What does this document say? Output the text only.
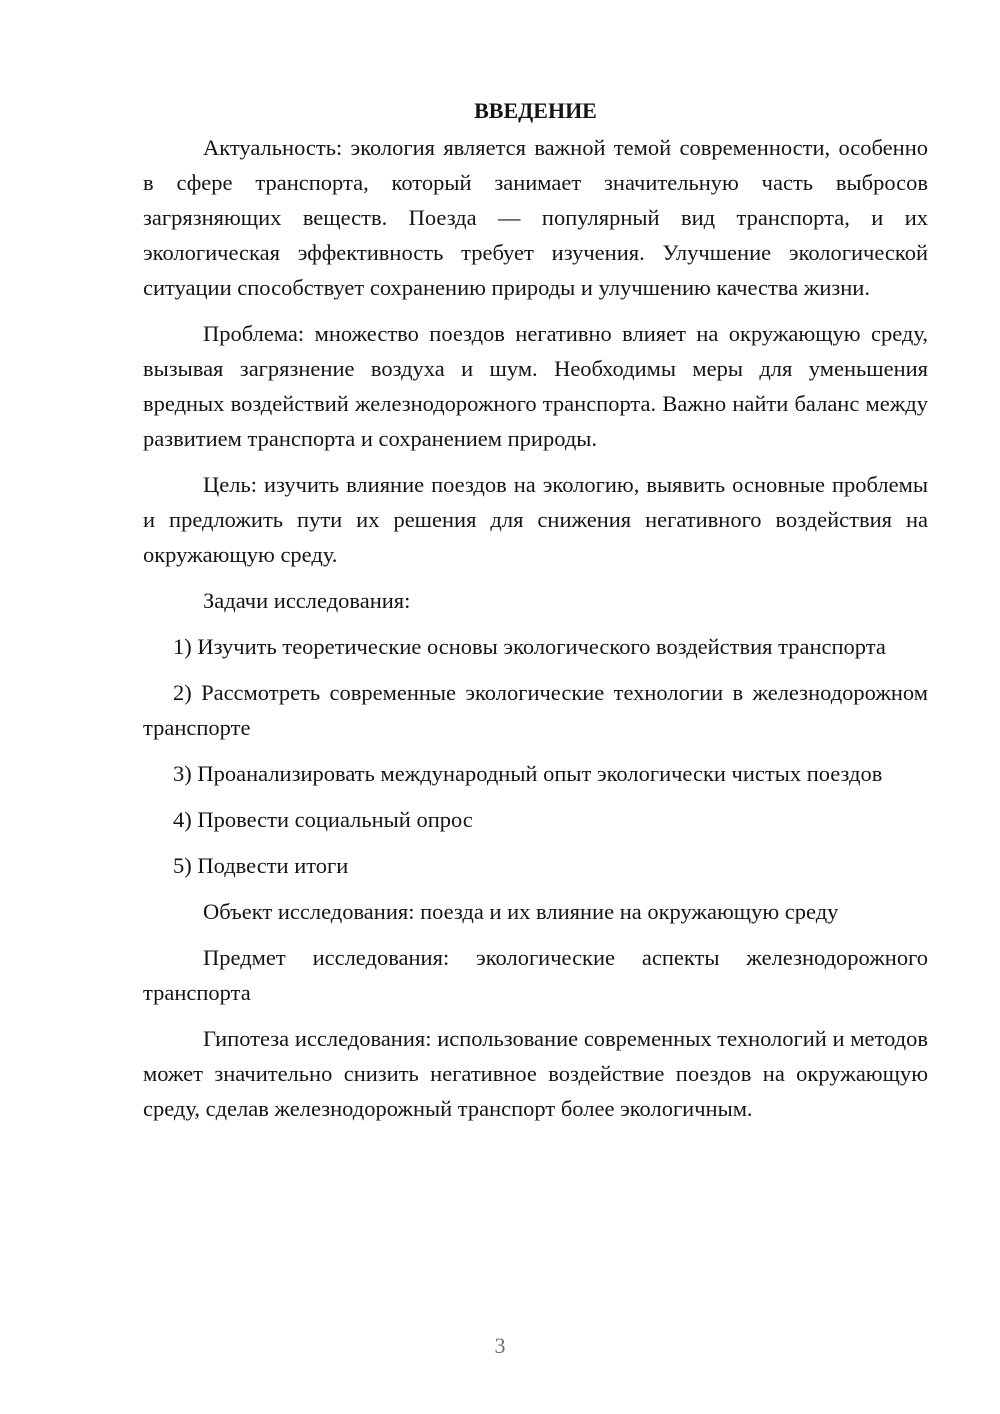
ВВЕДЕНИЕ

Актуальность: экология является важной темой современности, особенно в сфере транспорта, который занимает значительную часть выбросов загрязняющих веществ. Поезда — популярный вид транспорта, и их экологическая эффективность требует изучения. Улучшение экологической ситуации способствует сохранению природы и улучшению качества жизни.

Проблема: множество поездов негативно влияет на окружающую среду, вызывая загрязнение воздуха и шум. Необходимы меры для уменьшения вредных воздействий железнодорожного транспорта. Важно найти баланс между развитием транспорта и сохранением природы.

Цель: изучить влияние поездов на экологию, выявить основные проблемы и предложить пути их решения для снижения негативного воздействия на окружающую среду.

Задачи исследования:

1) Изучить теоретические основы экологического воздействия транспорта

2) Рассмотреть современные экологические технологии в железнодорожном транспорте

3) Проанализировать международный опыт экологически чистых поездов

4) Провести социальный опрос

5) Подвести итоги

Объект исследования: поезда и их влияние на окружающую среду

Предмет исследования: экологические аспекты железнодорожного транспорта

Гипотеза исследования: использование современных технологий и методов может значительно снизить негативное воздействие поездов на окружающую среду, сделав железнодорожный транспорт более экологичным.

3
